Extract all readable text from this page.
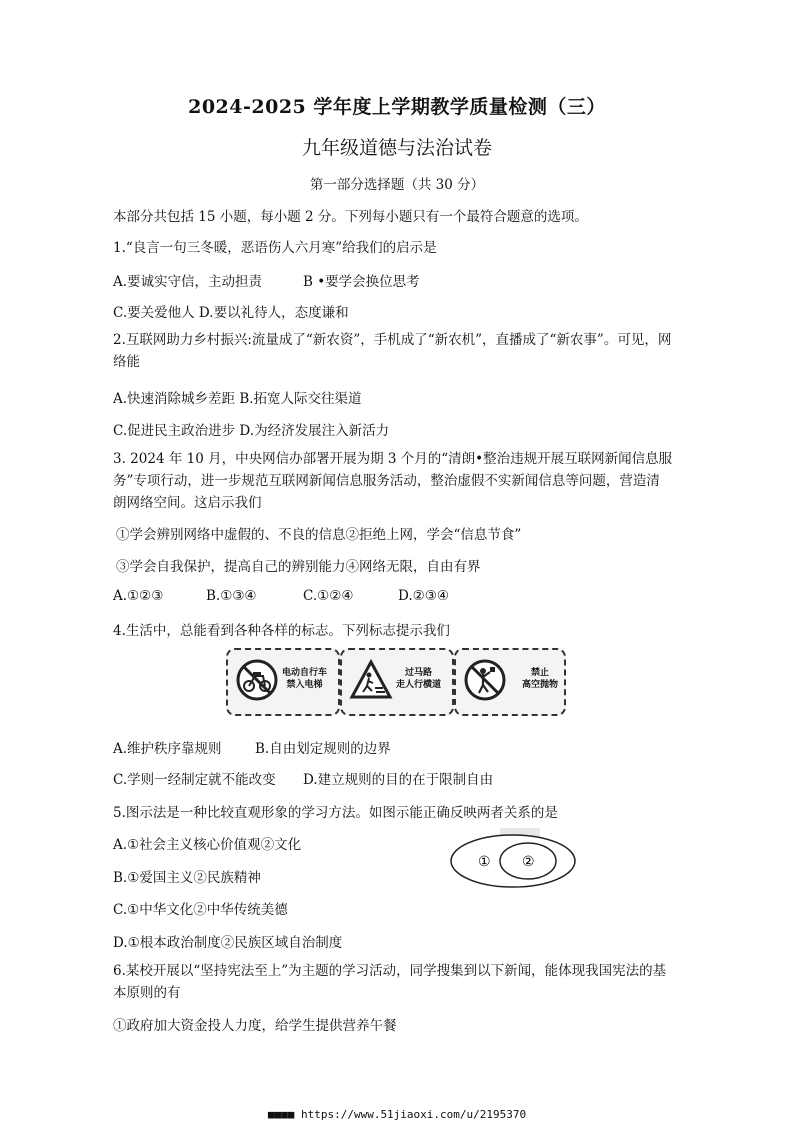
2024-2025 学年度上学期教学质量检测（三）
九年级道德与法治试卷
第一部分选择题（共 30 分）
本部分共包括 15 小题，每小题 2 分。下列每小题只有一个最符合题意的选项。
1.“良言一句三冬暖，恶语伤人六月寒”给我们的启示是
A.要诚实守信，主动担责	B •要学会换位思考
C.要关爱他人 D.要以礼待人，态度谦和
2.互联网助力乡村振兴:流量成了“新农资”，手机成了“新农机”，直播成了“新农事”。可见，网络能
A.快速消除城乡差距 B.拓宽人际交往渠道
C.促进民主政治进步 D.为经济发展注入新活力
3. 2024 年 10 月，中央网信办部署开展为期 3 个月的“清朗•整治违规开展互联网新闻信息服务”专项行动，进一步规范互联网新闻信息服务活动，整治虚假不实新闻信息等问题，营造清朗网络空间。这启示我们
①学会辨别网络中虚假的、不良的信息②拒绝上网，学会“信息节食”
③学会自我保护，提高自己的辨别能力④网络无限，自由有界
A.①②③	B.①③④	C.①②④	D.②③④
4.生活中，总能看到各种各样的标志。下列标志提示我们
电动自行车
禁入电梯
过马路
走人行横道
禁止
高空抛物
A.维护秩序靠规则 B.自由划定规则的边界
C.学则一经制定就不能改变 D.建立规则的目的在于限制自由
5.图示法是一种比较直观形象的学习方法。如图示能正确反映两者关系的是
A.①社会主义核心价值观②文化
B.①爱国主义②民族精神
C.①中华文化②中华传统美德
D.①根本政治制度②民族区域自治制度
① ②
6.某校开展以“坚持宪法至上”为主题的学习活动，同学搜集到以下新闻，能体现我国宪法的基本原则的有
①政府加大资金投人力度，给学生提供营养午餐
■■■■ https://www.51jiaoxi.com/u/2195370
